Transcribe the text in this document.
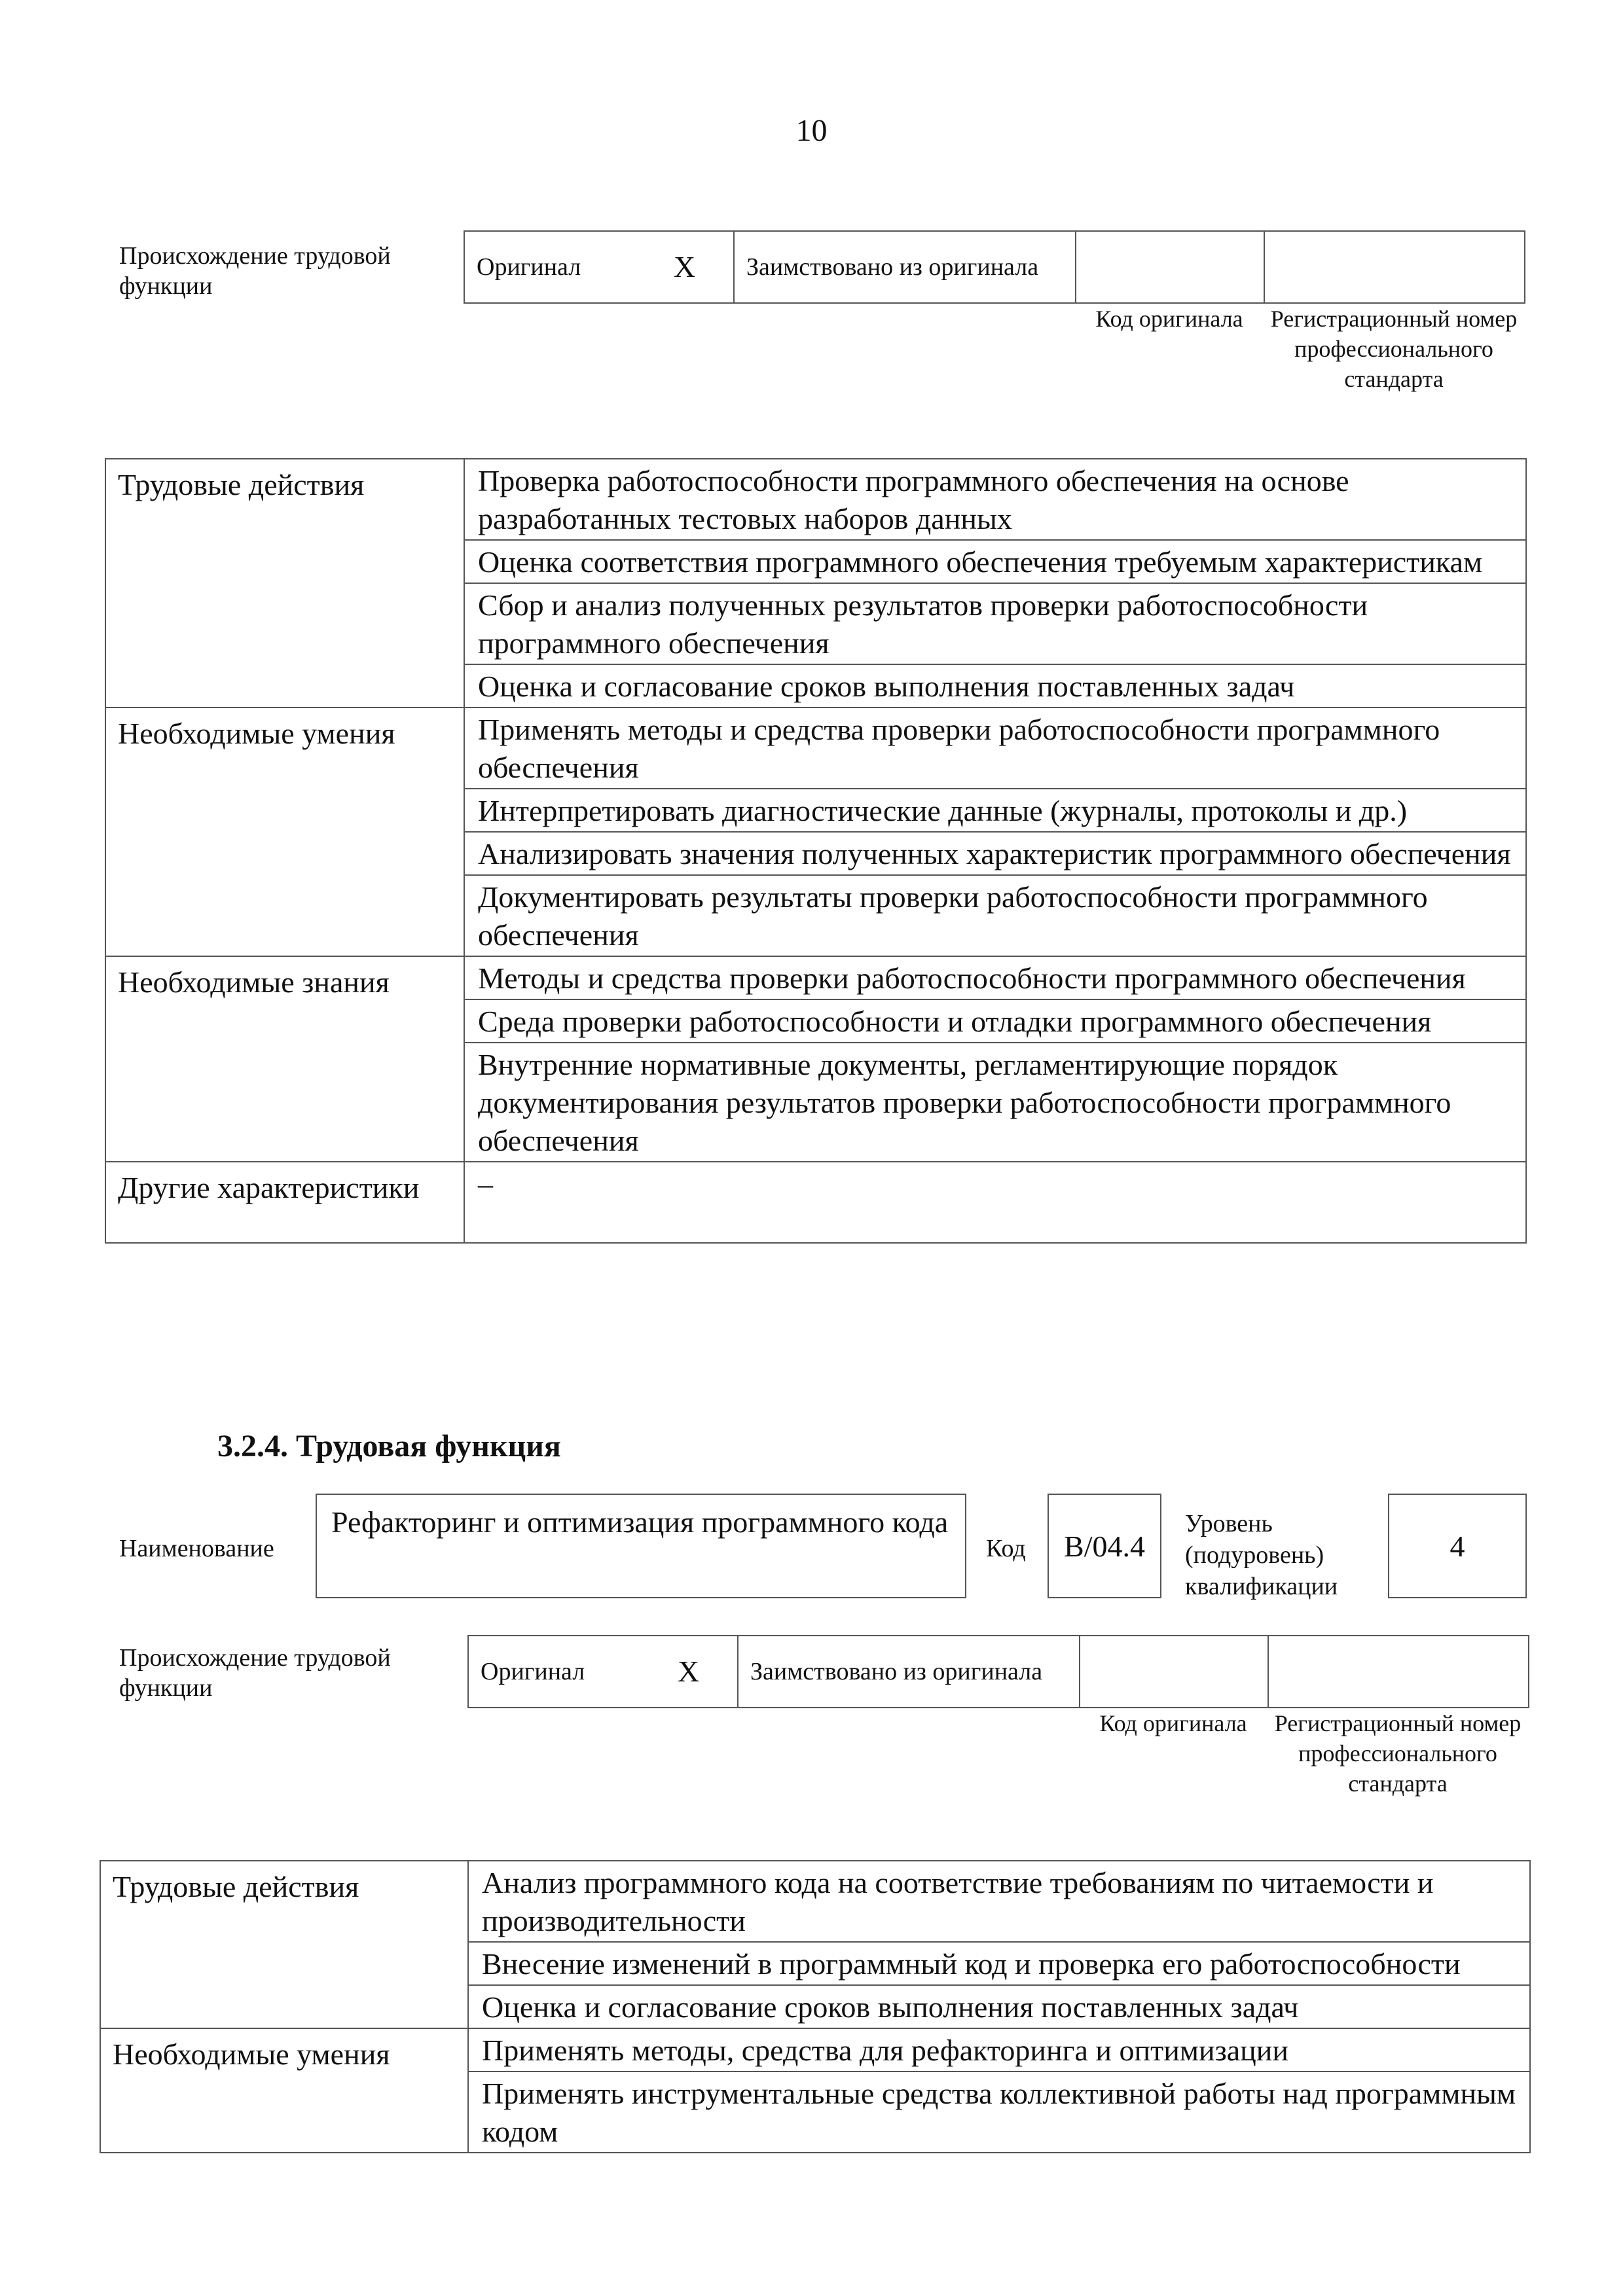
10
Происхождение трудовой функции
Оригинал	X	Заимствовано из оригинала		
Код оригинала	Регистрационный номер профессионального стандарта
Трудовые действия	Проверка работоспособности программного обеспечения на основе разработанных тестовых наборов данных
	Оценка соответствия программного обеспечения требуемым характеристикам
	Сбор и анализ полученных результатов проверки работоспособности программного обеспечения
	Оценка и согласование сроков выполнения поставленных задач
Необходимые умения	Применять методы и средства проверки работоспособности программного обеспечения
	Интерпретировать диагностические данные (журналы, протоколы и др.)
	Анализировать значения полученных характеристик программного обеспечения
	Документировать результаты проверки работоспособности программного обеспечения
Необходимые знания	Методы и средства проверки работоспособности программного обеспечения
	Среда проверки работоспособности и отладки программного обеспечения
	Внутренние нормативные документы, регламентирующие порядок документирования результатов проверки работоспособности программного обеспечения
Другие характеристики	–
3.2.4. Трудовая функция
Наименование
Рефакторинг и оптимизация программного кода
Код	B/04.4
Уровень (подуровень) квалификации
4
Происхождение трудовой функции
Оригинал	X	Заимствовано из оригинала		
Код оригинала	Регистрационный номер профессионального стандарта
Трудовые действия	Анализ программного кода на соответствие требованиям по читаемости и производительности
	Внесение изменений в программный код и проверка его работоспособности
	Оценка и согласование сроков выполнения поставленных задач
Необходимые умения	Применять методы, средства для рефакторинга и оптимизации
	Применять инструментальные средства коллективной работы над программным кодом
